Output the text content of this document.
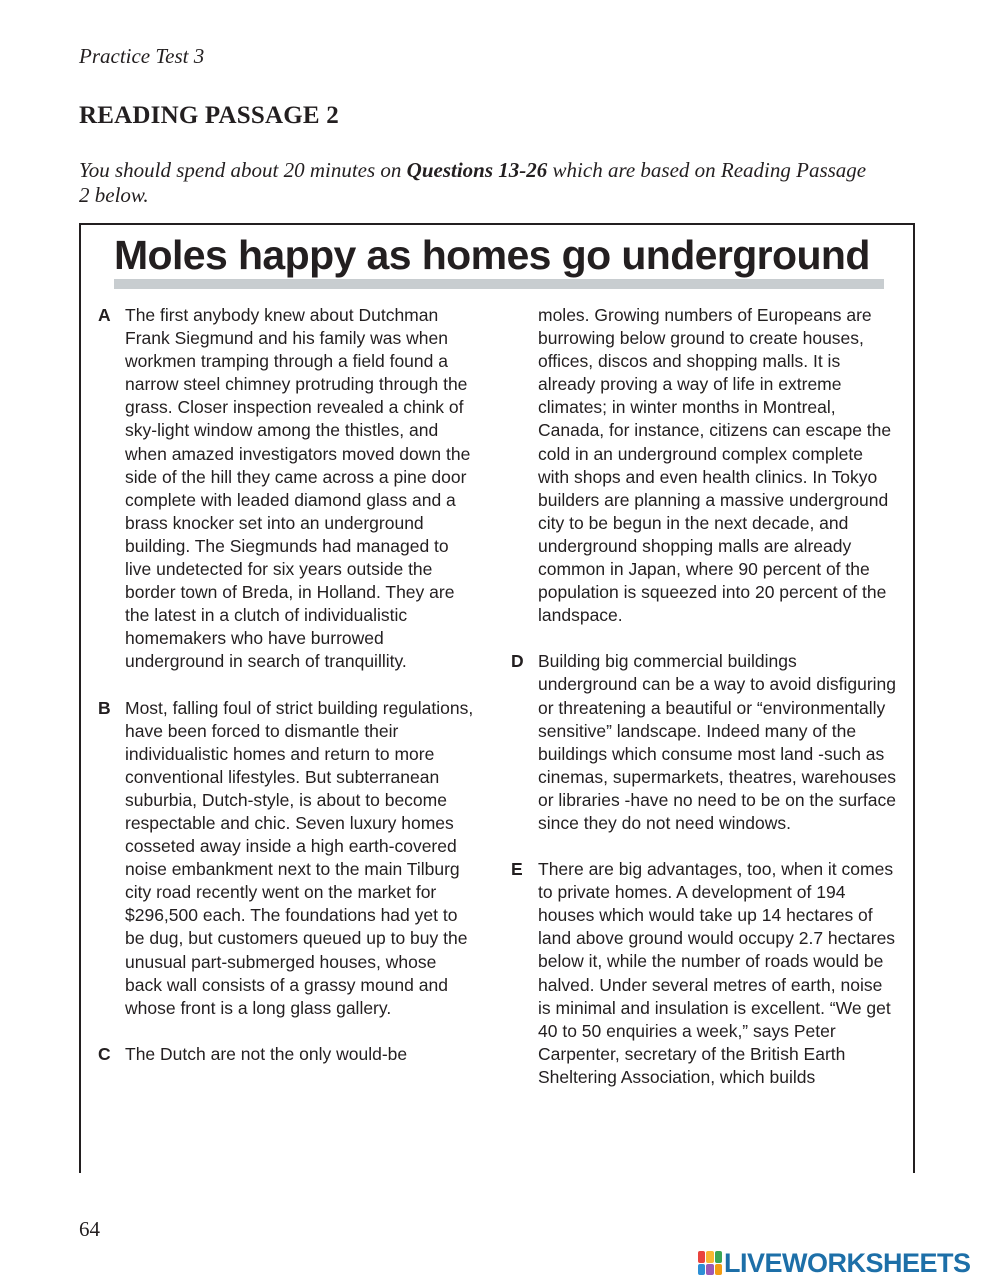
Practice Test 3
READING PASSAGE 2
You should spend about 20 minutes on Questions 13-26 which are based on Reading Passage 2 below.
Moles happy as homes go underground
A The first anybody knew about Dutchman Frank Siegmund and his family was when workmen tramping through a field found a narrow steel chimney protruding through the grass. Closer inspection revealed a chink of sky-light window among the thistles, and when amazed investigators moved down the side of the hill they came across a pine door complete with leaded diamond glass and a brass knocker set into an underground building. The Siegmunds had managed to live undetected for six years outside the border town of Breda, in Holland. They are the latest in a clutch of individualistic homemakers who have burrowed underground in search of tranquillity.
B Most, falling foul of strict building regulations, have been forced to dismantle their individualistic homes and return to more conventional lifestyles. But subterranean suburbia, Dutch-style, is about to become respectable and chic. Seven luxury homes cosseted away inside a high earth-covered noise embankment next to the main Tilburg city road recently went on the market for $296,500 each. The foundations had yet to be dug, but customers queued up to buy the unusual part-submerged houses, whose back wall consists of a grassy mound and whose front is a long glass gallery.
C The Dutch are not the only would-be
moles. Growing numbers of Europeans are burrowing below ground to create houses, offices, discos and shopping malls. It is already proving a way of life in extreme climates; in winter months in Montreal, Canada, for instance, citizens can escape the cold in an underground complex complete with shops and even health clinics. In Tokyo builders are planning a massive underground city to be begun in the next decade, and underground shopping malls are already common in Japan, where 90 percent of the population is squeezed into 20 percent of the landspace.
D Building big commercial buildings underground can be a way to avoid disfiguring or threatening a beautiful or “environmentally sensitive” landscape. Indeed many of the buildings which consume most land -such as cinemas, supermarkets, theatres, warehouses or libraries -have no need to be on the surface since they do not need windows.
E There are big advantages, too, when it comes to private homes. A development of 194 houses which would take up 14 hectares of land above ground would occupy 2.7 hectares below it, while the number of roads would be halved. Under several metres of earth, noise is minimal and insulation is excellent. “We get 40 to 50 enquiries a week,” says Peter Carpenter, secretary of the British Earth Sheltering Association, which builds
64
LIVEWORKSHEETS
